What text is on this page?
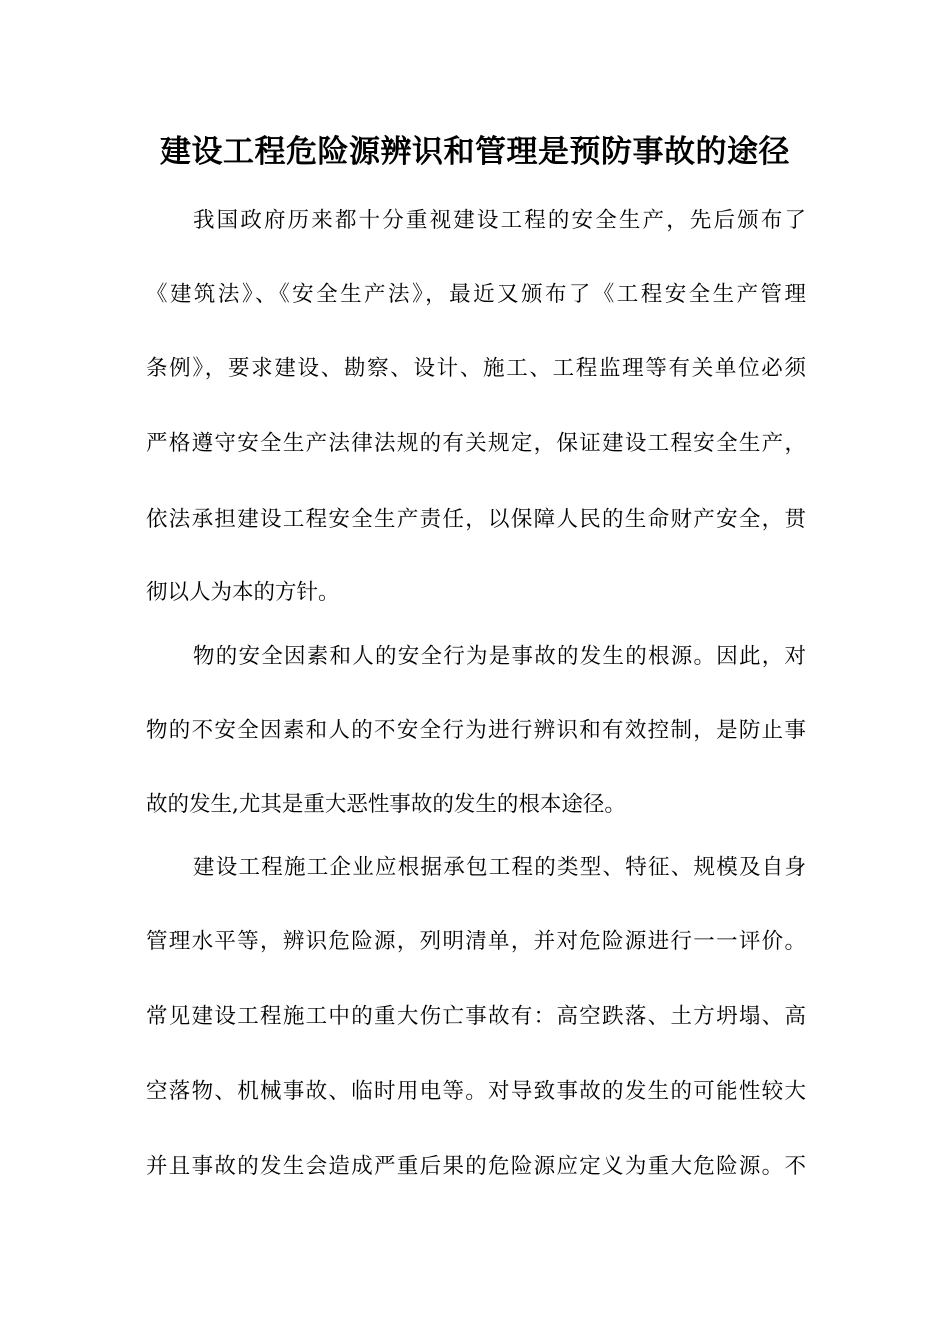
建设工程危险源辨识和管理是预防事故的途径
我国政府历来都十分重视建设工程的安全生产，先后颁布了
《建筑法》、《安全生产法》，最近又颁布了《工程安全生产管理
条例》，要求建设、勘察、设计、施工、工程监理等有关单位必须
严格遵守安全生产法律法规的有关规定，保证建设工程安全生产，
依法承担建设工程安全生产责任，以保障人民的生命财产安全，贯
彻以人为本的方针。
物的安全因素和人的安全行为是事故的发生的根源。因此，对
物的不安全因素和人的不安全行为进行辨识和有效控制，是防止事
故的发生,尤其是重大恶性事故的发生的根本途径。
建设工程施工企业应根据承包工程的类型、特征、规模及自身
管理水平等，辨识危险源，列明清单，并对危险源进行一一评价。
常见建设工程施工中的重大伤亡事故有：高空跌落、土方坍塌、高
空落物、机械事故、临时用电等。对导致事故的发生的可能性较大
并且事故的发生会造成严重后果的危险源应定义为重大危险源。不
